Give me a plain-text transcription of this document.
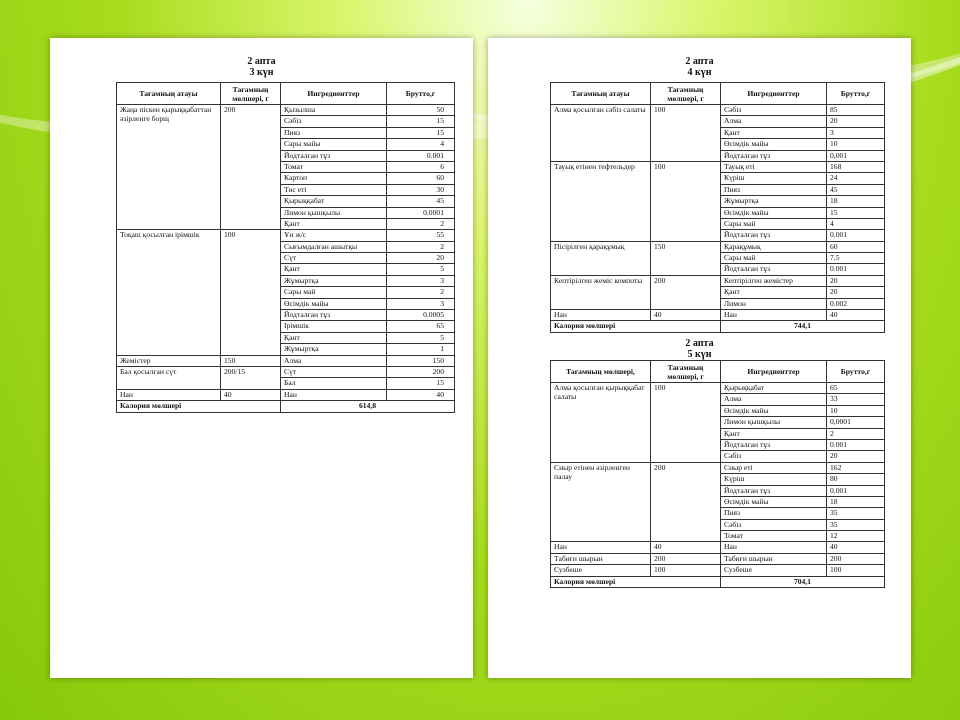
2 апта
3 күн
Тағамның атауы	Тағамның мөлшері, г	Ингредиенттер	Брутто,г
Жаңа піскен қырыққабаттан әзірленге борщ	200	Қызылша	50
		Сәбіз	15
		Пияз	15
		Сары майы	4
		Йодталған тұз	0.001
		Томат	6
		Картоп	60
		Төс еті	30
		Қырыққабат	45
		Лимон қышқылы	0.0001
		Қант	2
Тоқаш қосылған ірімшік	100	Ұн ж/с	55
		Сығымдалған ашытқы	2
		Сүт	20
		Қант	5
		Жұмыртқа	3
		Сары май	2
		Өсімдік майы	3
		Йодталған тұз	0.0005
		Ірімшік	65
		Қант	5
		Жұмыртқа	1
Жемістер	150	Алма	150
Бал қосылған сүт	200/15	Сүт	200
		Бал	15
Нан	40	Нан	40
Калория мөлшері		614,8	
2 апта
4 күн
Тағамның атауы	Тағамның мөлшері, г	Ингредиенттер	Брутто,г
Алма қосылған сәбіз салаты	100	Сәбіз	85
		Алма	20
		Қант	3
		Өсімдік майы	10
		Йодталған тұз	0,001
Тауық етінен тефтельдер	100	Тауық еті	168
		Күріш	24
		Пияз	45
		Жұмыртқа	18
		Өсімдік майы	15
		Сары май	4
		Йодталған тұз	0.001
Пісірілген қарақұмық	150	Қарақұмық	60
		Сары май	7,5
		Йодталған тұз	0.001
Кептірілген жеміс компоты	200	Кептірілген жемістер	20
		Қант	20
		Лимон	0.002
Нан	40	Нан	40
Калория мөлшері		744,1	
2 апта
5 күн
Тағамның мөлшері,	Тағамның мөлшері, г	Ингредиенттер	Брутто,г
Алма қосылған қырыққабат салаты	100	Қырыққабат	65
		Алма	33
		Өсімдік майы	10
		Лимон қышқылы	0,0001
		Қант	2
		Йодталған тұз	0.001
		Сәбіз	20
Сиыр етінен әзірленген палау	200	Сиыр еті	162
		Күріш	80
		Йодталған тұз	0.001
		Өсімдік майы	18
		Пияз	35
		Сәбіз	35
		Томат	12
Нан	40	Нан	40
Табиғи шырын	200	Табиғи шырын	200
Сузбеше	100	Сузбеше	100
Калория мөлшері		704,1	
